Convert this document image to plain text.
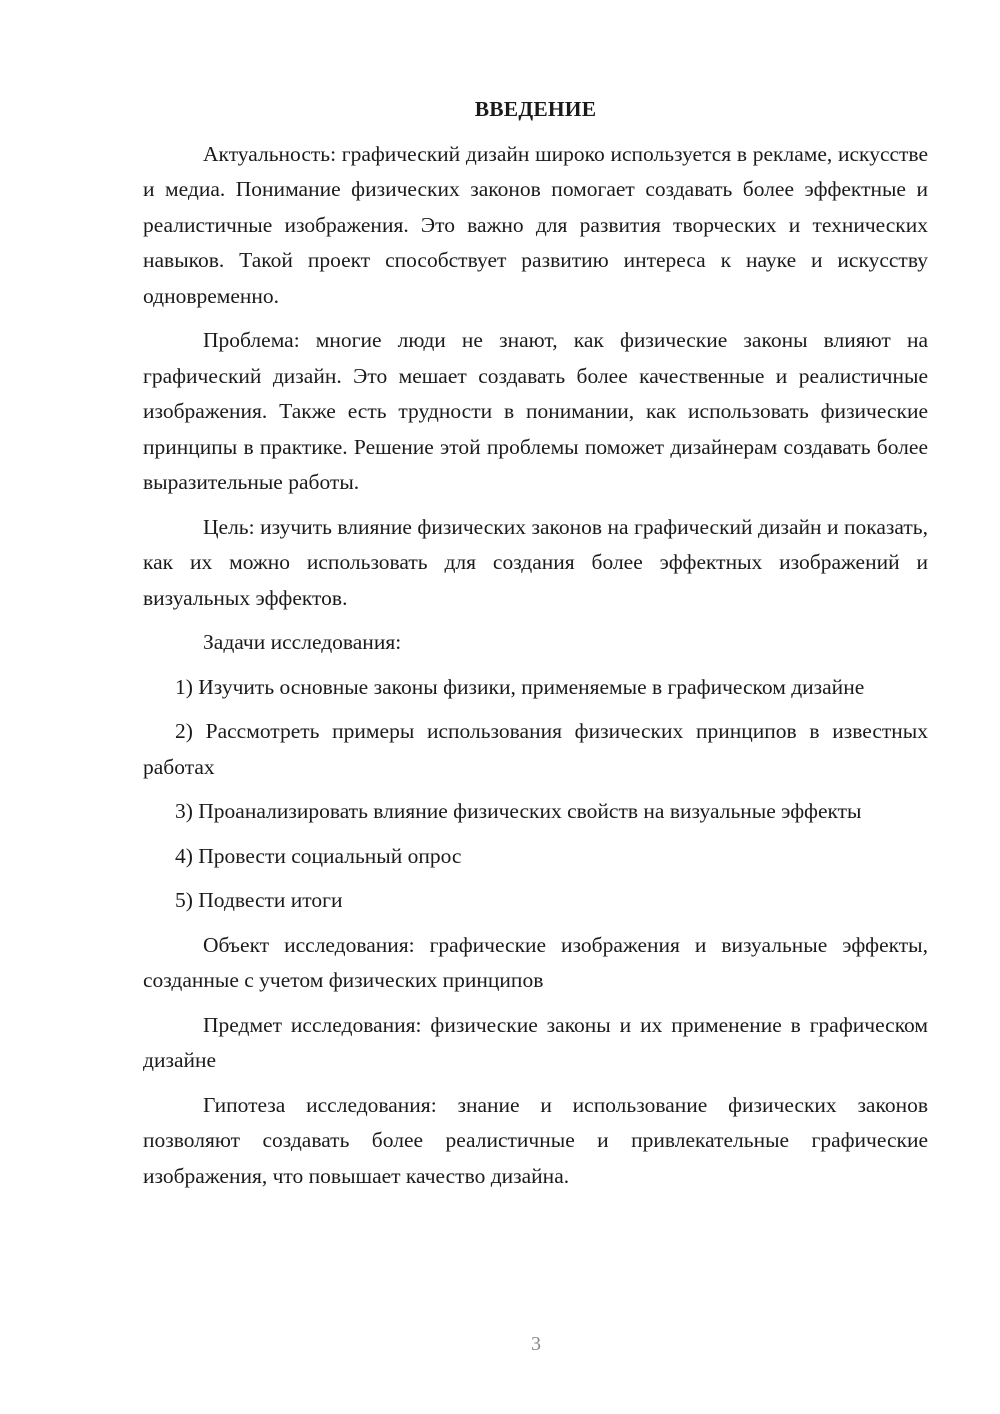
ВВЕДЕНИЕ

Актуальность: графический дизайн широко используется в рекламе, искусстве и медиа. Понимание физических законов помогает создавать более эффектные и реалистичные изображения. Это важно для развития творческих и технических навыков. Такой проект способствует развитию интереса к науке и искусству одновременно.

Проблема: многие люди не знают, как физические законы влияют на графический дизайн. Это мешает создавать более качественные и реалистичные изображения. Также есть трудности в понимании, как использовать физические принципы в практике. Решение этой проблемы поможет дизайнерам создавать более выразительные работы.

Цель: изучить влияние физических законов на графический дизайн и показать, как их можно использовать для создания более эффектных изображений и визуальных эффектов.

Задачи исследования:

1) Изучить основные законы физики, применяемые в графическом дизайне

2) Рассмотреть примеры использования физических принципов в известных работах

3) Проанализировать влияние физических свойств на визуальные эффекты

4) Провести социальный опрос

5) Подвести итоги

Объект исследования: графические изображения и визуальные эффекты, созданные с учетом физических принципов

Предмет исследования: физические законы и их применение в графическом дизайне

Гипотеза исследования: знание и использование физических законов позволяют создавать более реалистичные и привлекательные графические изображения, что повышает качество дизайна.

3
